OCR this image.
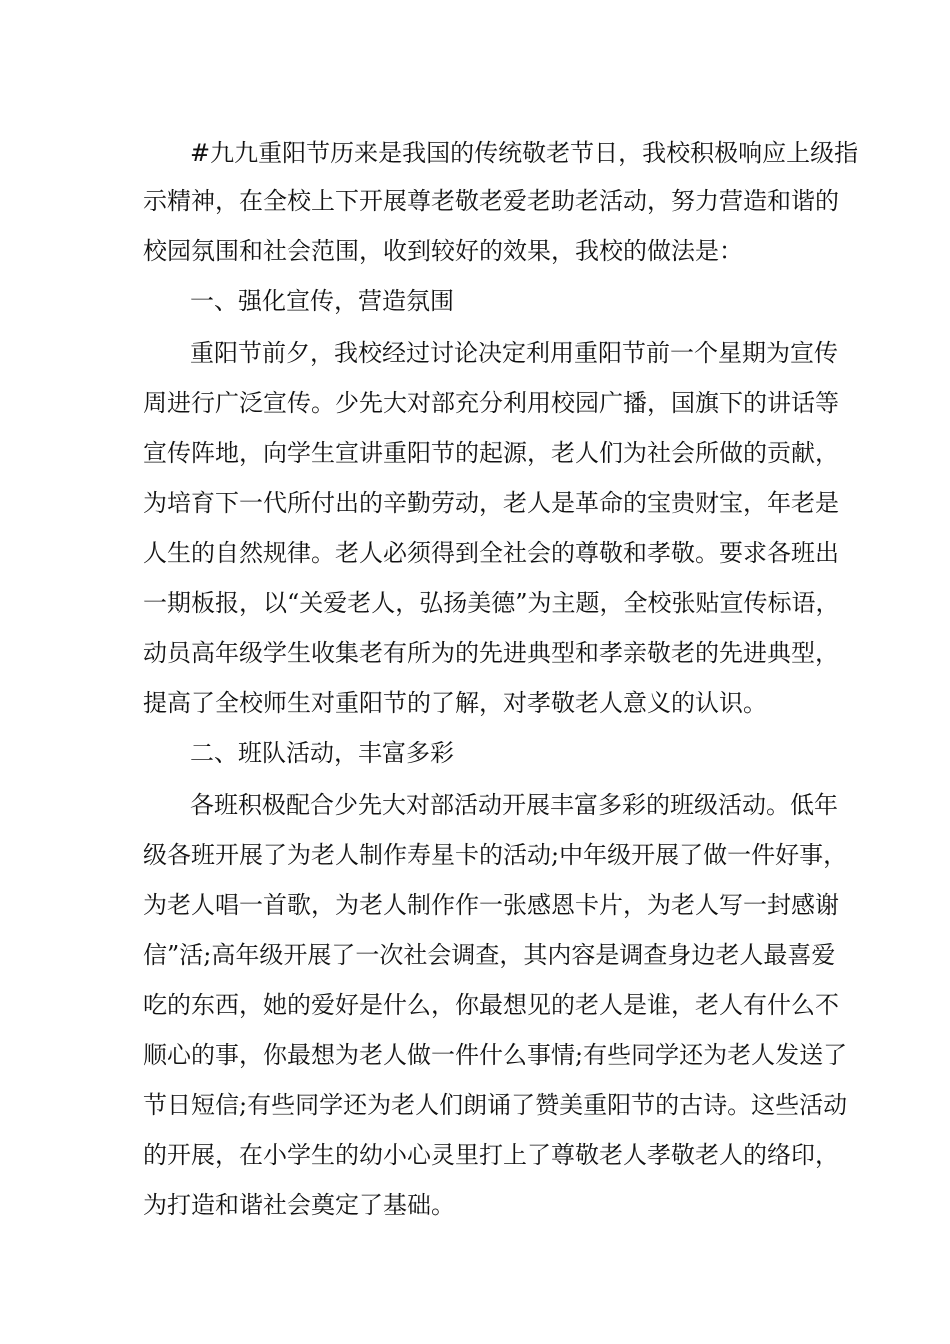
#九九重阳节历来是我国的传统敬老节日，我校积极响应上级指
示精神，在全校上下开展尊老敬老爱老助老活动，努力营造和谐的
校园氛围和社会范围，收到较好的效果，我校的做法是：
一、强化宣传，营造氛围
重阳节前夕，我校经过讨论决定利用重阳节前一个星期为宣传
周进行广泛宣传。少先大对部充分利用校园广播，国旗下的讲话等
宣传阵地，向学生宣讲重阳节的起源，老人们为社会所做的贡献，
为培育下一代所付出的辛勤劳动，老人是革命的宝贵财宝，年老是
人生的自然规律。老人必须得到全社会的尊敬和孝敬。要求各班出
一期板报，以“关爱老人，弘扬美德”为主题，全校张贴宣传标语，
动员高年级学生收集老有所为的先进典型和孝亲敬老的先进典型，
提高了全校师生对重阳节的了解，对孝敬老人意义的认识。
二、班队活动，丰富多彩
各班积极配合少先大对部活动开展丰富多彩的班级活动。低年
级各班开展了为老人制作寿星卡的活动;中年级开展了做一件好事，
为老人唱一首歌，为老人制作作一张感恩卡片，为老人写一封感谢
信”活;高年级开展了一次社会调查，其内容是调查身边老人最喜爱
吃的东西，她的爱好是什么，你最想见的老人是谁，老人有什么不
顺心的事，你最想为老人做一件什么事情;有些同学还为老人发送了
节日短信;有些同学还为老人们朗诵了赞美重阳节的古诗。这些活动
的开展，在小学生的幼小心灵里打上了尊敬老人孝敬老人的络印，
为打造和谐社会奠定了基础。
